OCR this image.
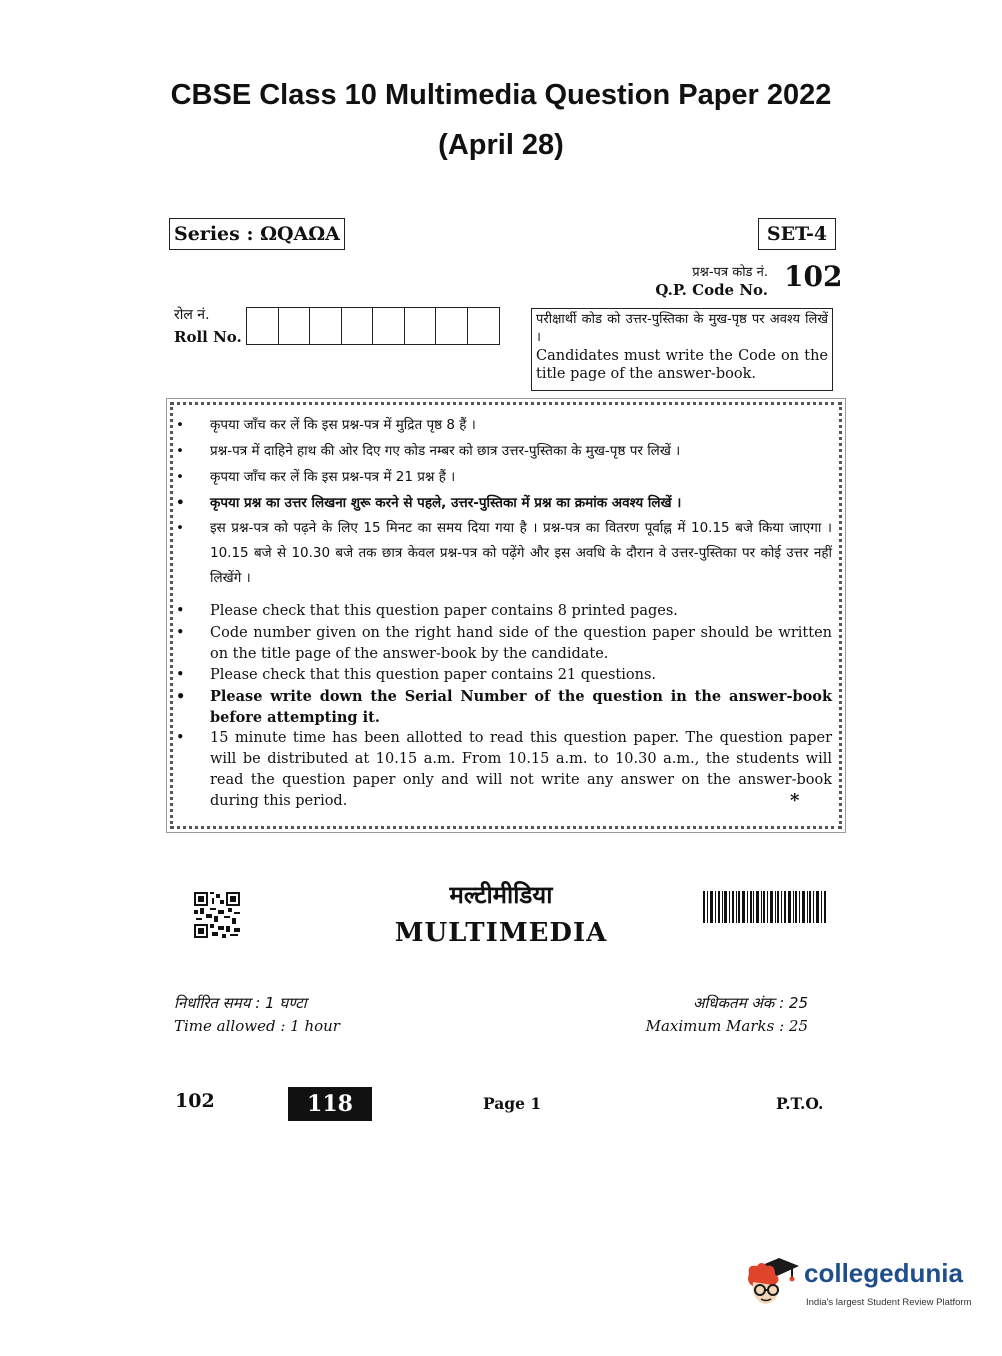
CBSE Class 10 Multimedia Question Paper 2022
(April 28)
Series : ΩQAΩA	SET-4
प्रश्न-पत्र कोड नं.
Q.P. Code No. 102
रोल नं.
Roll No.
परीक्षार्थी कोड को उत्तर-पुस्तिका के मुख-पृष्ठ पर अवश्य लिखें ।
Candidates must write the Code on the title page of the answer-book.
•	कृपया जाँच कर लें कि इस प्रश्न-पत्र में मुद्रित पृष्ठ 8 हैं ।
•	प्रश्न-पत्र में दाहिने हाथ की ओर दिए गए कोड नम्बर को छात्र उत्तर-पुस्तिका के मुख-पृष्ठ पर लिखें ।
•	कृपया जाँच कर लें कि इस प्रश्न-पत्र में 21 प्रश्न हैं ।
•	कृपया प्रश्न का उत्तर लिखना शुरू करने से पहले, उत्तर-पुस्तिका में प्रश्न का क्रमांक अवश्य लिखें ।
•	इस प्रश्न-पत्र को पढ़ने के लिए 15 मिनट का समय दिया गया है । प्रश्न-पत्र का वितरण पूर्वाह्न में 10.15 बजे किया जाएगा । 10.15 बजे से 10.30 बजे तक छात्र केवल प्रश्न-पत्र को पढ़ेंगे और इस अवधि के दौरान वे उत्तर-पुस्तिका पर कोई उत्तर नहीं लिखेंगे ।
•	Please check that this question paper contains 8 printed pages.
•	Code number given on the right hand side of the question paper should be written on the title page of the answer-book by the candidate.
•	Please check that this question paper contains 21 questions.
•	Please write down the Serial Number of the question in the answer-book before attempting it.
•	15 minute time has been allotted to read this question paper. The question paper will be distributed at 10.15 a.m. From 10.15 a.m. to 10.30 a.m., the students will read the question paper only and will not write any answer on the answer-book during this period.	*
मल्टीमीडिया
MULTIMEDIA
निर्धारित समय : 1 घण्टा
Time allowed : 1 hour
अधिकतम अंक : 25
Maximum Marks : 25
102	118	Page 1	P.T.O.
collegedunia
India's largest Student Review Platform
